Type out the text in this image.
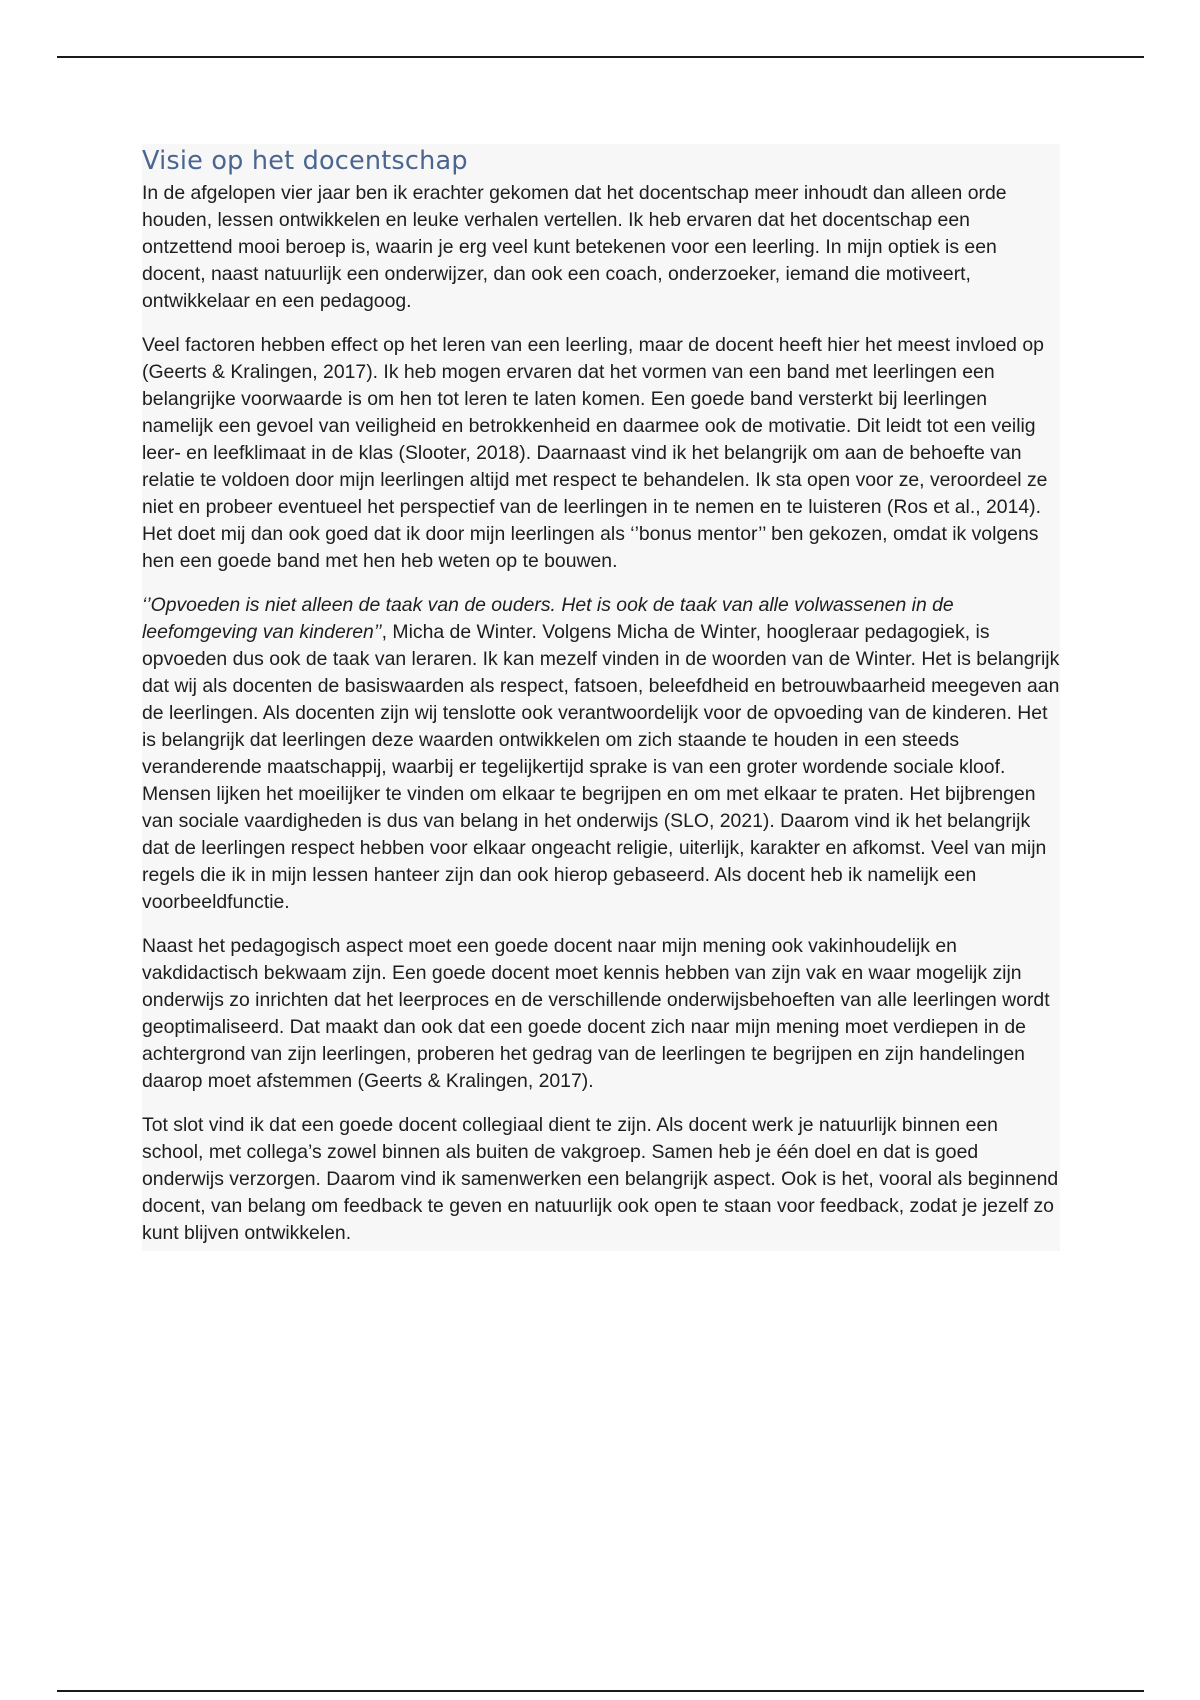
Visie op het docentschap

In de afgelopen vier jaar ben ik erachter gekomen dat het docentschap meer inhoudt dan alleen orde houden, lessen ontwikkelen en leuke verhalen vertellen. Ik heb ervaren dat het docentschap een ontzettend mooi beroep is, waarin je erg veel kunt betekenen voor een leerling. In mijn optiek is een docent, naast natuurlijk een onderwijzer, dan ook een coach, onderzoeker, iemand die motiveert, ontwikkelaar en een pedagoog.

Veel factoren hebben effect op het leren van een leerling, maar de docent heeft hier het meest invloed op (Geerts & Kralingen, 2017). Ik heb mogen ervaren dat het vormen van een band met leerlingen een belangrijke voorwaarde is om hen tot leren te laten komen. Een goede band versterkt bij leerlingen namelijk een gevoel van veiligheid en betrokkenheid en daarmee ook de motivatie. Dit leidt tot een veilig leer- en leefklimaat in de klas (Slooter, 2018). Daarnaast vind ik het belangrijk om aan de behoefte van relatie te voldoen door mijn leerlingen altijd met respect te behandelen. Ik sta open voor ze, veroordeel ze niet en probeer eventueel het perspectief van de leerlingen in te nemen en te luisteren (Ros et al., 2014). Het doet mij dan ook goed dat ik door mijn leerlingen als ‘’bonus mentor’’ ben gekozen, omdat ik volgens hen een goede band met hen heb weten op te bouwen.

‘’Opvoeden is niet alleen de taak van de ouders. Het is ook de taak van alle volwassenen in de leefomgeving van kinderen’’, Micha de Winter. Volgens Micha de Winter, hoogleraar pedagogiek, is opvoeden dus ook de taak van leraren. Ik kan mezelf vinden in de woorden van de Winter. Het is belangrijk dat wij als docenten de basiswaarden als respect, fatsoen, beleefdheid en betrouwbaarheid meegeven aan de leerlingen. Als docenten zijn wij tenslotte ook verantwoordelijk voor de opvoeding van de kinderen. Het is belangrijk dat leerlingen deze waarden ontwikkelen om zich staande te houden in een steeds veranderende maatschappij, waarbij er tegelijkertijd sprake is van een groter wordende sociale kloof. Mensen lijken het moeilijker te vinden om elkaar te begrijpen en om met elkaar te praten. Het bijbrengen van sociale vaardigheden is dus van belang in het onderwijs (SLO, 2021). Daarom vind ik het belangrijk dat de leerlingen respect hebben voor elkaar ongeacht religie, uiterlijk, karakter en afkomst. Veel van mijn regels die ik in mijn lessen hanteer zijn dan ook hierop gebaseerd. Als docent heb ik namelijk een voorbeeldfunctie.

Naast het pedagogisch aspect moet een goede docent naar mijn mening ook vakinhoudelijk en vakdidactisch bekwaam zijn. Een goede docent moet kennis hebben van zijn vak en waar mogelijk zijn onderwijs zo inrichten dat het leerproces en de verschillende onderwijsbehoeften van alle leerlingen wordt geoptimaliseerd. Dat maakt dan ook dat een goede docent zich naar mijn mening moet verdiepen in de achtergrond van zijn leerlingen, proberen het gedrag van de leerlingen te begrijpen en zijn handelingen daarop moet afstemmen (Geerts & Kralingen, 2017).

Tot slot vind ik dat een goede docent collegiaal dient te zijn. Als docent werk je natuurlijk binnen een school, met collega’s zowel binnen als buiten de vakgroep. Samen heb je één doel en dat is goed onderwijs verzorgen. Daarom vind ik samenwerken een belangrijk aspect. Ook is het, vooral als beginnend docent, van belang om feedback te geven en natuurlijk ook open te staan voor feedback, zodat je jezelf zo kunt blijven ontwikkelen.
